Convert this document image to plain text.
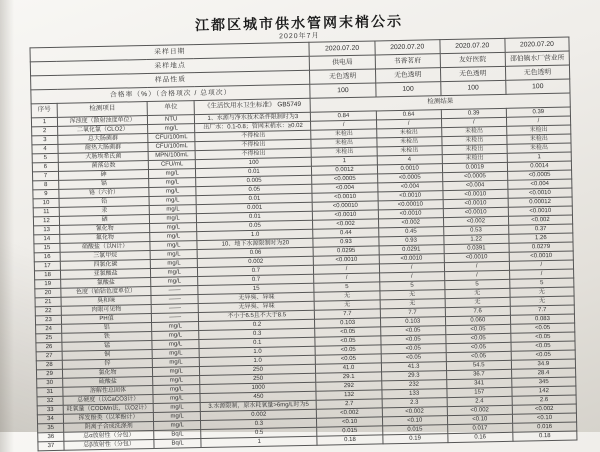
江都区城市供水管网末梢公示
2020年7月
采样日期				2020.07.20	2020.07.20	2020.07.20	2020.07.20
采样地点				供电局	书香茗府	友好医院	邵伯镇水厂营业所
样品性质				无色透明	无色透明	无色透明	无色透明
合格率（%）（合格项次 / 总项次）				100	100	100	100
序号	检测项目	单位	《生活饮用水卫生标准》 GB5749	检测结果			
1	浑浊度（散射浊度单位）	NTU	1、水源与净水技术条件限制时为3	0.84	0.64	0.39	0.39
2	二氧化氯（CLO2）	mg/L	出厂水：0.1-0.8；管网末梢水：≥0.02	/	/	/	/
3	总大肠菌群	CFU/100mL	不得检出	未检出	未检出	未检出	未检出
4	耐热大肠菌群	CFU/100mL	不得检出	未检出	未检出	未检出	未检出
5	大肠埃希氏菌	MPN/100mL	不得检出	未检出	未检出	未检出	未检出
6	菌落总数	CFU/mL	100	1	4	未检出	1
7	砷	mg/L	0.01	0.0012	0.0010	0.0019	0.0014
8	镉	mg/L	0.005	<0.0005	<0.0005	<0.0005	<0.0005
9	铬（六价）	mg/L	0.05	<0.004	<0.004	<0.004	<0.004
10	铅	mg/L	0.01	<0.0010	<0.0010	<0.0010	<0.0010
11	汞	mg/L	0.001	<0.00010	<0.00010	<0.0010	0.00012
12	硒	mg/L	0.01	<0.0010	<0.0010	<0.0010	<0.0010
13	氰化物	mg/L	0.05	<0.002	<0.002	<0.002	<0.002
14	氟化物	mg/L	1.0	0.44	0.45	0.53	0.37
15	硝酸盐（以N计）	mg/L	10、地下水源限制时为20	0.93	0.93	1.22	1.26
16	三氯甲烷	mg/L	0.06	0.0295	0.0291	0.0391	0.0279
17	四氯化碳	mg/L	0.002	<0.0010	<0.0010	<0.0010	<0.0010
18	亚氯酸盐	mg/L	0.7	/	/	/	/
19	氯酸盐	mg/L	0.7	/	/	/	/
20	色度（铂钴色度单位）	——	15	5	5	5	5
21	臭和味	——	无异臭、异味	无	无	无	无
22	肉眼可见物	——	无异臭、异味	无	无	无	无
23	PH值	——	不小于6.5且不大于8.5	7.7	7.7	7.6	7.7
24	铝	mg/L	0.2	0.103	0.103	0.060	0.083
25	铁	mg/L	0.3	<0.05	<0.05	<0.05	<0.05
26	锰	mg/L	0.1	<0.05	<0.05	<0.05	<0.05
27	铜	mg/L	1.0	<0.05	<0.05	<0.05	<0.05
28	锌	mg/L	1.0	<0.05	<0.05	<0.05	<0.05
29	氯化物	mg/L	250	41.0	41.3	54.5	34.9
30	硫酸盐	mg/L	250	29.1	29.3	36.7	28.4
31	溶解性总固体	mg/L	1000	292	232	341	345
32	总硬度（以CaCO3计）	mg/L	450	132	133	157	142
33	耗氧量（CODMn法，以O2计）	mg/L	3.水源限制，原水耗氧量>6mg/L时为5	2.7	2.3	2.4	2.6
34	挥发酚类（以苯酚计）	mg/L	0.002	<0.002	<0.002	<0.002	<0.002
35	阴离子合成洗涤剂	mg/L	0.3	<0.10	<0.10	<0.10	<0.10
36	总α放射性（分包）	Bq/L	0.5	0.015	0.015	0.017	0.016
37	总β放射性（分包）	Bq/L	1	0.18	0.19	0.16	0.18
